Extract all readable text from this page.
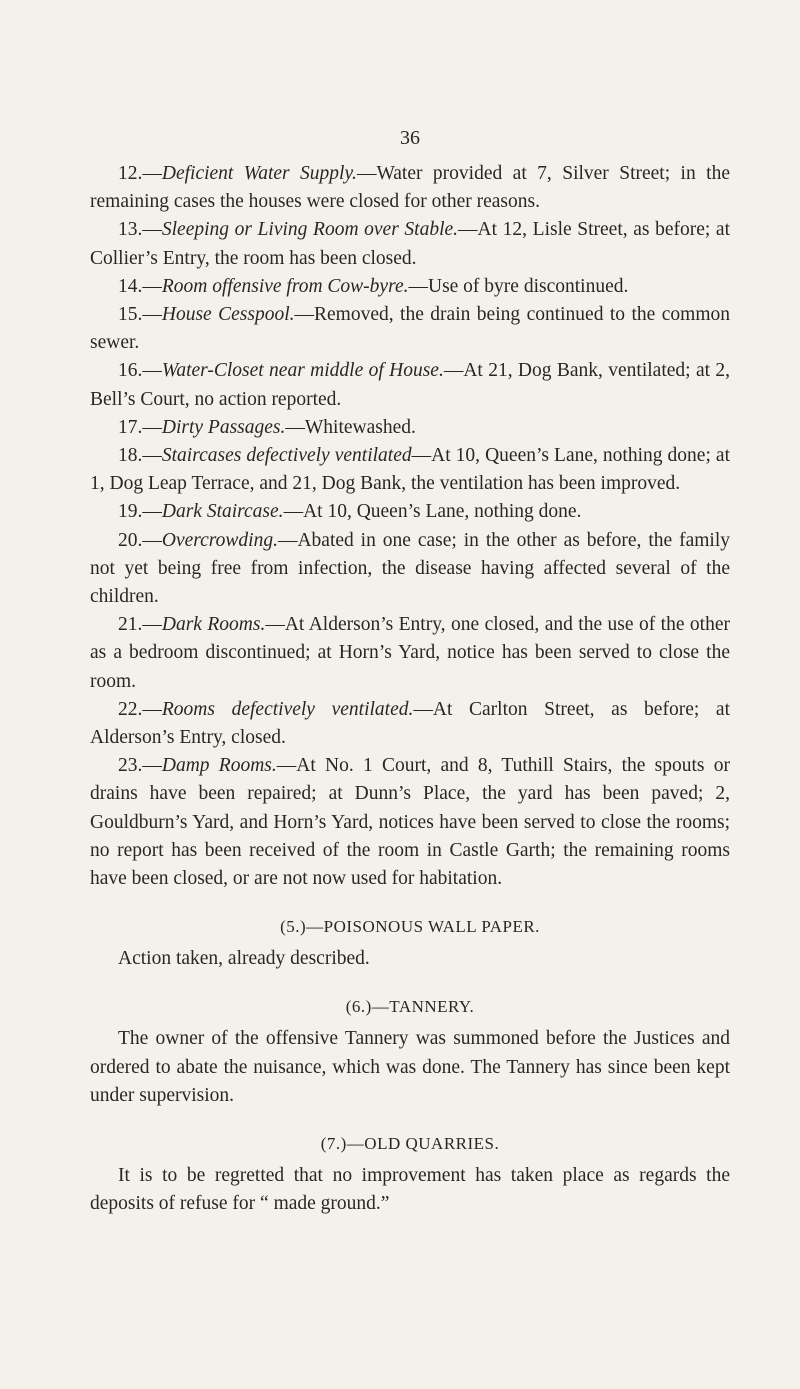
36

12.—Deficient Water Supply.—Water provided at 7, Silver Street; in the remaining cases the houses were closed for other reasons.

13.—Sleeping or Living Room over Stable.—At 12, Lisle Street, as before; at Collier’s Entry, the room has been closed.

14.—Room offensive from Cow-byre.—Use of byre discontinued.

15.—House Cesspool.—Removed, the drain being continued to the common sewer.

16.—Water-Closet near middle of House.—At 21, Dog Bank, ventilated; at 2, Bell’s Court, no action reported.

17.—Dirty Passages.—Whitewashed.

18.—Staircases defectively ventilated—At 10, Queen’s Lane, nothing done; at 1, Dog Leap Terrace, and 21, Dog Bank, the ventilation has been improved.

19.—Dark Staircase.—At 10, Queen’s Lane, nothing done.

20.—Overcrowding.—Abated in one case; in the other as before, the family not yet being free from infection, the disease having affected several of the children.

21.—Dark Rooms.—At Alderson’s Entry, one closed, and the use of the other as a bedroom discontinued; at Horn’s Yard, notice has been served to close the room.

22.—Rooms defectively ventilated.—At Carlton Street, as before; at Alderson’s Entry, closed.

23.—Damp Rooms.—At No. 1 Court, and 8, Tuthill Stairs, the spouts or drains have been repaired; at Dunn’s Place, the yard has been paved; 2, Gouldburn’s Yard, and Horn’s Yard, notices have been served to close the rooms; no report has been received of the room in Castle Garth; the remaining rooms have been closed, or are not now used for habitation.

(5.)—POISONOUS WALL PAPER.

Action taken, already described.

(6.)—TANNERY.

The owner of the offensive Tannery was summoned before the Justices and ordered to abate the nuisance, which was done. The Tannery has since been kept under supervision.

(7.)—OLD QUARRIES.

It is to be regretted that no improvement has taken place as regards the deposits of refuse for “ made ground.”
